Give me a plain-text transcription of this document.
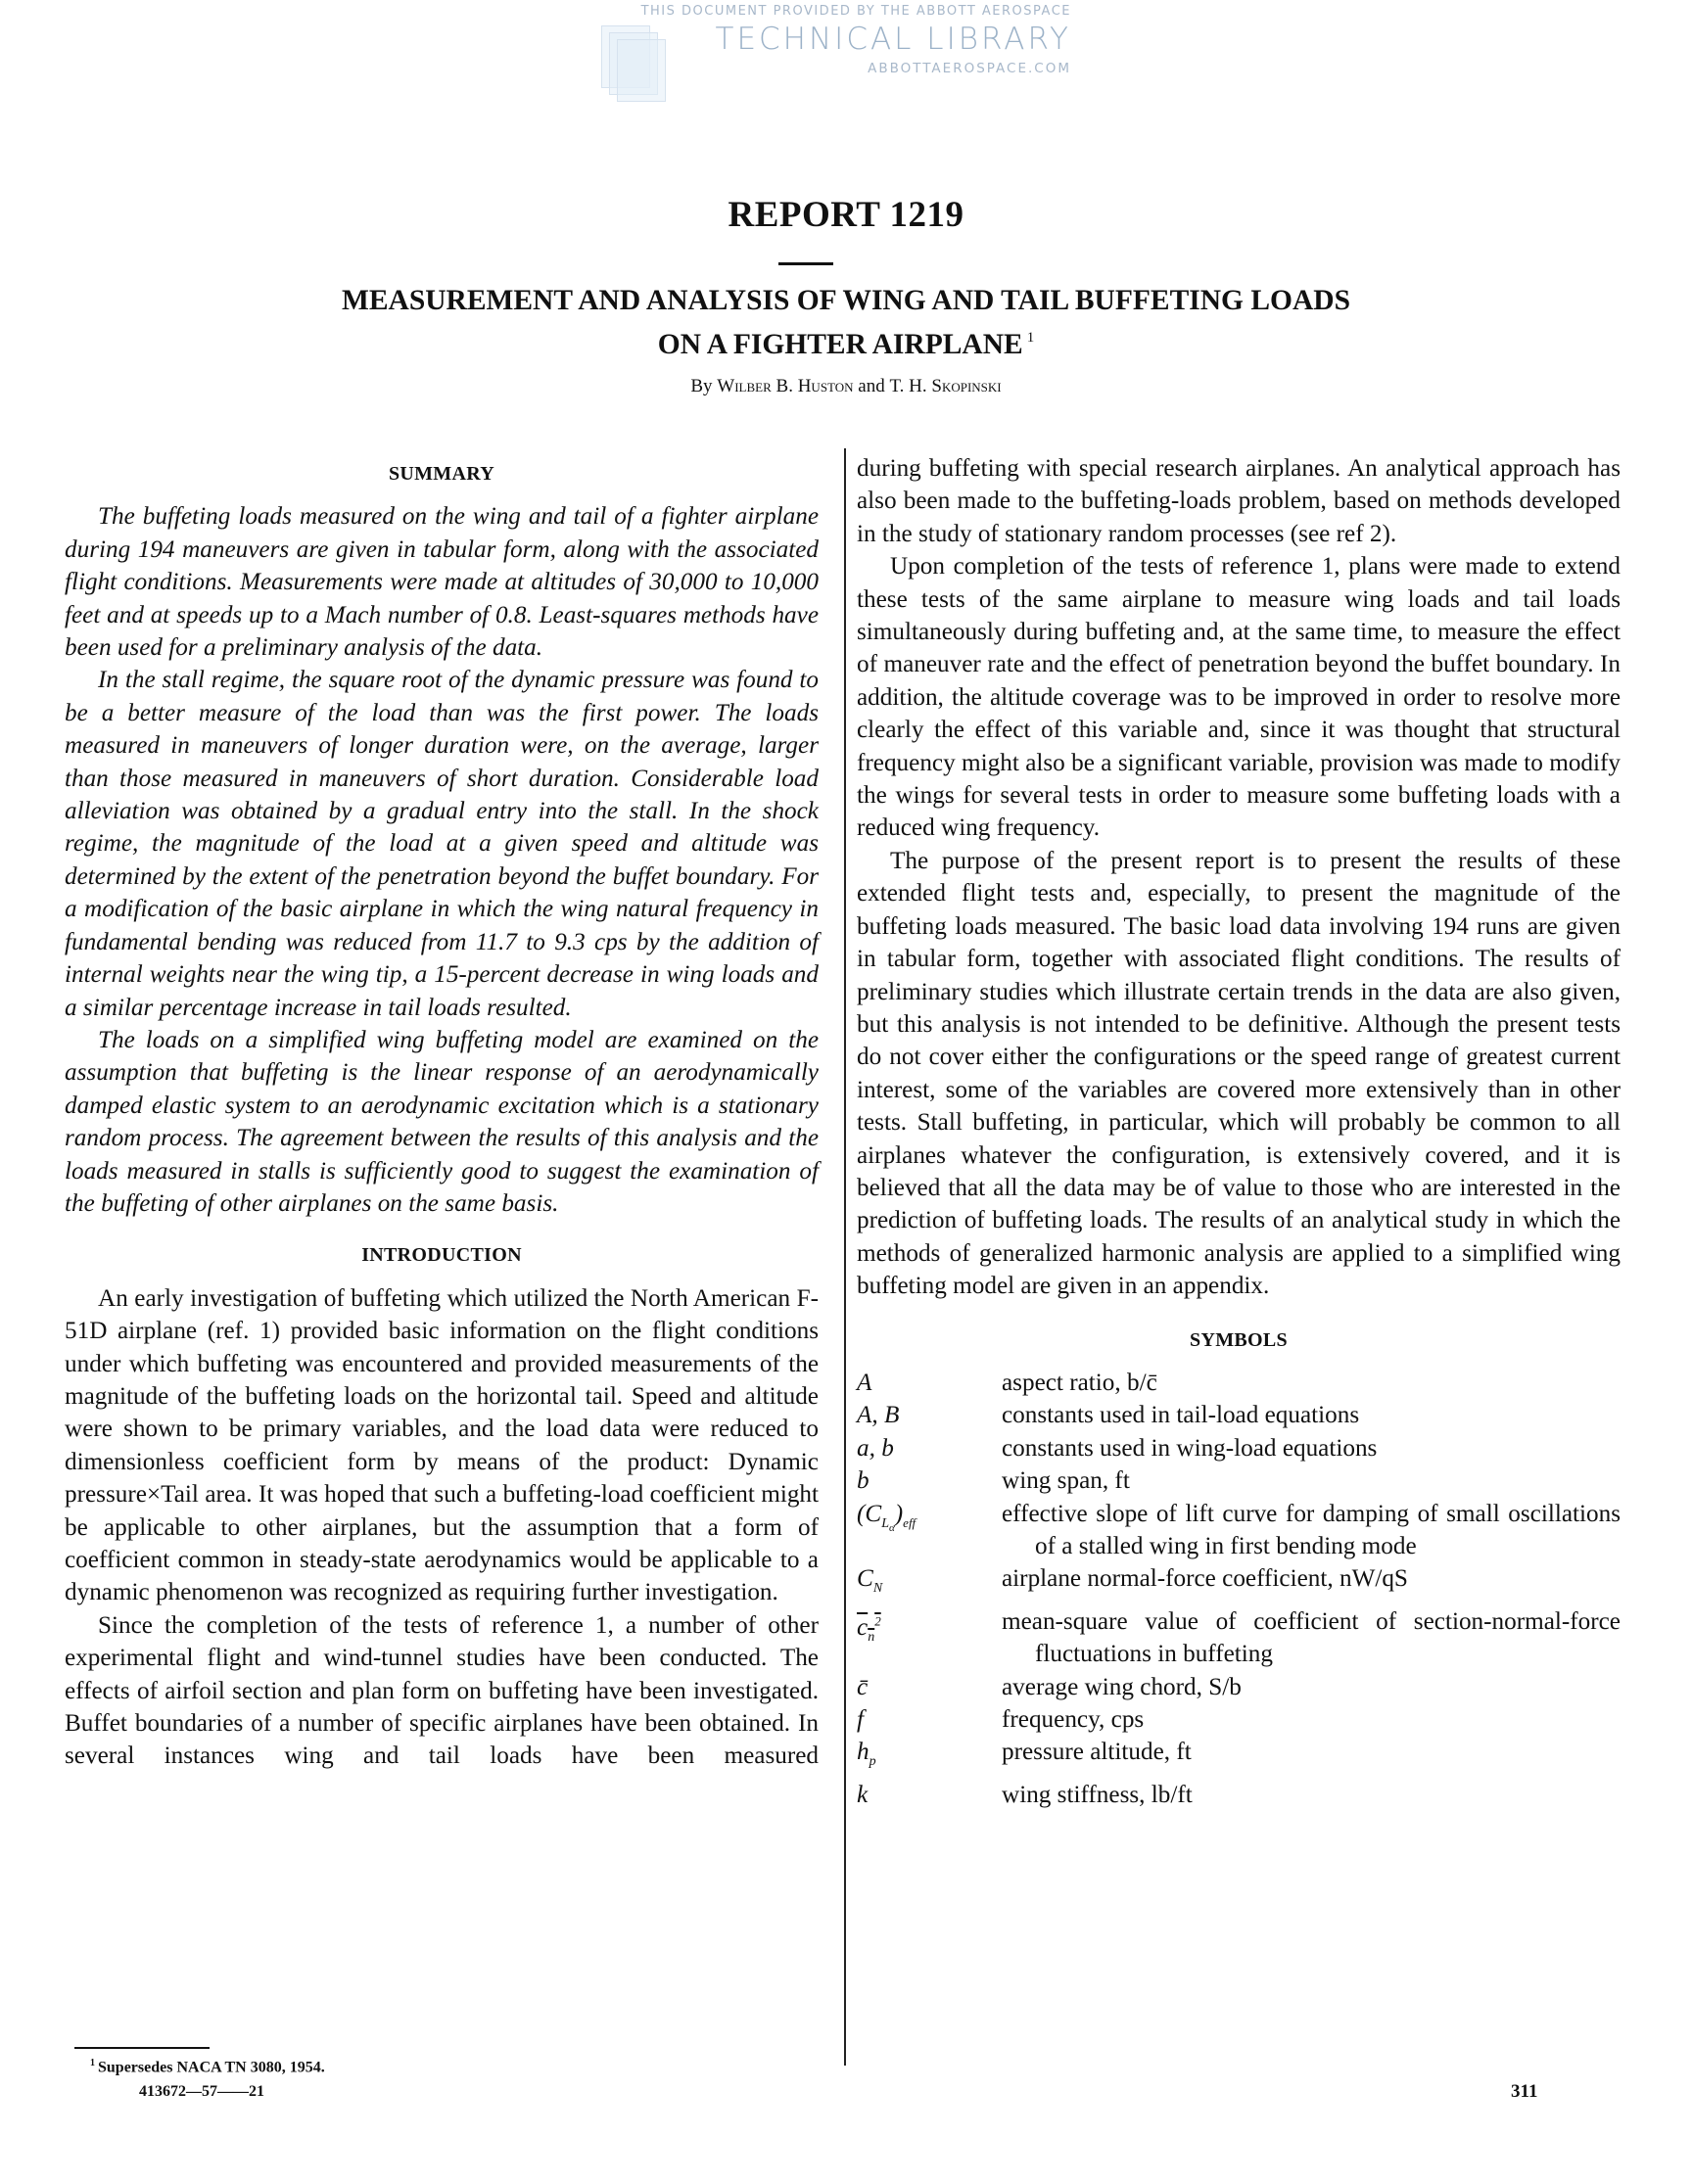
THIS DOCUMENT PROVIDED BY THE ABBOTT AEROSPACE
TECHNICAL LIBRARY
ABBOTTAEROSPACE.COM
REPORT 1219
MEASUREMENT AND ANALYSIS OF WING AND TAIL BUFFETING LOADS
ON A FIGHTER AIRPLANE $^1$
By Wilber B. Huston and T. H. Skopinski
SUMMARY

The buffeting loads measured on the wing and tail of a fighter airplane during 194 maneuvers are given in tabular form, along with the associated flight conditions. Measurements were made at altitudes of 30,000 to 10,000 feet and at speeds up to a Mach number of 0.8. Least-squares methods have been used for a preliminary analysis of the data.

In the stall regime, the square root of the dynamic pressure was found to be a better measure of the load than was the first power. The loads measured in maneuvers of longer duration were, on the average, larger than those measured in maneuvers of short duration. Considerable load alleviation was obtained by a gradual entry into the stall. In the shock regime, the magnitude of the load at a given speed and altitude was determined by the extent of the penetration beyond the buffet boundary. For a modification of the basic airplane in which the wing natural frequency in fundamental bending was reduced from 11.7 to 9.3 cps by the addition of internal weights near the wing tip, a 15-percent decrease in wing loads and a similar percentage increase in tail loads resulted.

The loads on a simplified wing buffeting model are examined on the assumption that buffeting is the linear response of an aerodynamically damped elastic system to an aerodynamic excitation which is a stationary random process. The agreement between the results of this analysis and the loads measured in stalls is sufficiently good to suggest the examination of the buffeting of other airplanes on the same basis.

INTRODUCTION

An early investigation of buffeting which utilized the North American F-51D airplane (ref. 1) provided basic information on the flight conditions under which buffeting was encountered and provided measurements of the magnitude of the buffeting loads on the horizontal tail. Speed and altitude were shown to be primary variables, and the load data were reduced to dimensionless coefficient form by means of the product: Dynamic pressure×Tail area. It was hoped that such a buffeting-load coefficient might be applicable to other airplanes, but the assumption that a form of coefficient common in steady-state aerodynamics would be applicable to a dynamic phenomenon was recognized as requiring further investigation.

Since the completion of the tests of reference 1, a number of other experimental flight and wind-tunnel studies have been conducted. The effects of airfoil section and plan form on buffeting have been investigated. Buffet boundaries of a number of specific airplanes have been obtained. In several instances wing and tail loads have been measured

during buffeting with special research airplanes. An analytical approach has also been made to the buffeting-loads problem, based on methods developed in the study of stationary random processes (see ref 2).

Upon completion of the tests of reference 1, plans were made to extend these tests of the same airplane to measure wing loads and tail loads simultaneously during buffeting and, at the same time, to measure the effect of maneuver rate and the effect of penetration beyond the buffet boundary. In addition, the altitude coverage was to be improved in order to resolve more clearly the effect of this variable and, since it was thought that structural frequency might also be a significant variable, provision was made to modify the wings for several tests in order to measure some buffeting loads with a reduced wing frequency.

The purpose of the present report is to present the results of these extended flight tests and, especially, to present the magnitude of the buffeting loads measured. The basic load data involving 194 runs are given in tabular form, together with associated flight conditions. The results of preliminary studies which illustrate certain trends in the data are also given, but this analysis is not intended to be definitive. Although the present tests do not cover either the configurations or the speed range of greatest current interest, some of the variables are covered more extensively than in other tests. Stall buffeting, in particular, which will probably be common to all airplanes whatever the configuration, is extensively covered, and it is believed that all the data may be of value to those who are interested in the prediction of buffeting loads. The results of an analytical study in which the methods of generalized harmonic analysis are applied to a simplified wing buffeting model are given in an appendix.

SYMBOLS
A	aspect ratio, b/c̄

A, B	constants used in tail-load equations

a, b	constants used in wing-load equations

b	wing span, ft

$(C_{L_\alpha})_{eff}$	effective slope of lift curve for damping of small oscillations of a stalled wing in first bending mode

$C_N$	airplane normal-force coefficient, nW/qS

$c_n^2$	mean-square value of coefficient of section-normal-force fluctuations in buffeting

c̄	average wing chord, S/b

f	frequency, cps

$h_p$	pressure altitude, ft

k	wing stiffness, lb/ft
$^1$ Supersedes NACA TN 3080, 1954.
413672—57——21	311
